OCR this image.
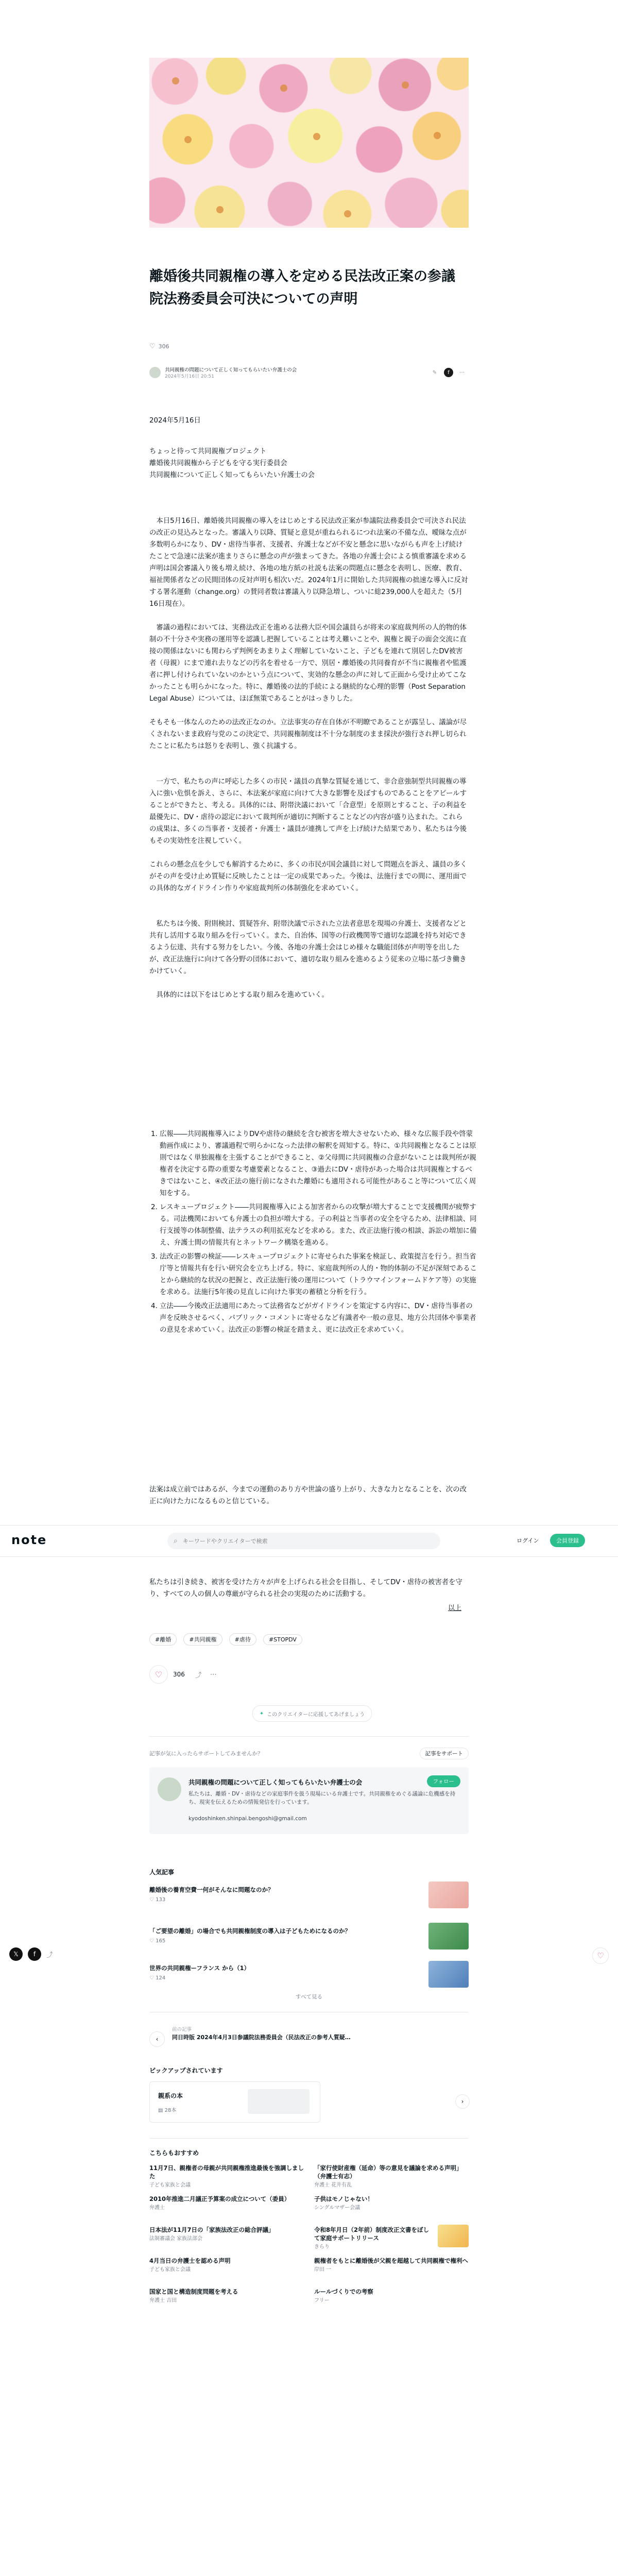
離婚後共同親権の導入を定める民法改正案の参議院法務委員会可決についての声明
♡ 306
共同親権の問題について正しく知ってもらいたい弁護士の会
2024年5月16日 20:51
✎	f	⋯
2024年5月16日
ちょっと待って共同親権プロジェクト
離婚後共同親権から子どもを守る実行委員会
共同親権について正しく知ってもらいたい弁護士の会

本日5月16日、離婚後共同親権の導入をはじめとする民法改正案が参議院法務委員会で可決され民法の改正の見込みとなった。審議入り以降、質疑と意見が重ねられるにつれ法案の不備な点、曖昧な点が多数明らかになり、DV・虐待当事者、支援者、弁護士などが不安と懸念に思いながらも声を上げ続けたことで急速に法案が進まりさらに懸念の声が強まってきた。各地の弁護士会による慎重審議を求める声明は国会審議入り後も増え続け、各地の地方紙の社説も法案の問題点に懸念を表明し、医療、教育、福祉関係者などの民間団体の反対声明も相次いだ。2024年1月に開始した共同親権の拙速な導入に反対する署名運動（change.org）の賛同者数は審議入り以降急増し、ついに総239,000人を超えた（5月16日現在）。

審議の過程においては、実務法改正を進める法務大臣や国会議員らが将来の家庭裁判所の人的物的体制の不十分さや実務の運用等を認識し把握していることは考え難いことや、親権と親子の面会交流に直接の関係はないにも関わらず判例をあまりよく理解していないこと、子どもを連れて別居したDV被害者（母親）にまで連れ去りなどの汚名を着せる一方で、別居・離婚後の共同養育が不当に親権者や監護者に押し付けられていないのかという点について、実効的な懸念の声に対して正面から受け止めてこなかったことも明らかになった。特に、離婚後の法的手続による継続的な心理的影響（Post Separation Legal Abuse）については、ほぼ無策であることがはっきりした。

そもそも一体なんのための法改正なのか。立法事実の存在自体が不明瞭であることが露呈し、議論が尽くされないまま政府与党のこの決定で、共同親権制度は不十分な制度のまま採決が強行され押し切られたことに私たちは怒りを表明し、強く抗議する。

一方で、私たちの声に呼応した多くの市民・議員の真摯な質疑を通じて、非合意強制型共同親権の導入に強い危惧を訴え、さらに、本法案が家庭に向けて大きな影響を及ぼすものであることをアピールすることができたと、考える。具体的には、附帯決議において「合意型」を原則とすること、子の利益を最優先に、DV・虐待の認定において裁判所が適切に判断することなどの内容が盛り込まれた。これらの成果は、多くの当事者・支援者・弁護士・議員が連携して声を上げ続けた結果であり、私たちは今後もその実効性を注視していく。

これらの懸念点を少しでも解消するために、多くの市民が国会議員に対して問題点を訴え、議員の多くがその声を受け止め質疑に反映したことは一定の成果であった。今後は、法施行までの間に、運用面での具体的なガイドライン作りや家庭裁判所の体制強化を求めていく。

私たちは今後、附則検討、質疑答弁、附帯決議で示された立法者意思を現場の弁護士、支援者などと共有し活用する取り組みを行っていく。また、自治体、国等の行政機関等で適切な認識を持ち対応できるよう伝達、共有する努力をしたい。今後、各地の弁護士会はじめ様々な職能団体が声明等を出したが、改正法施行に向けて各分野の団体において、適切な取り組みを進めるよう従来の立場に基づき働きかけていく。

具体的には以下をはじめとする取り組みを進めていく。

1. 広報――共同親権導入によりDVや虐待の継続を含む被害を増大させないため、様々な広報手段や啓蒙動画作成により、審議過程で明らかになった法律の解釈を周知する。特に、①共同親権となることは原則ではなく単独親権を主張することができること、②父母間に共同親権の合意がないことは裁判所が親権者を決定する際の重要な考慮要素となること、③過去にDV・虐待があった場合は共同親権とするべきではないこと、④改正法の施行前になされた離婚にも適用される可能性があること等について広く周知をする。
2. レスキュープロジェクト――共同親権導入による加害者からの攻撃が増大することで支援機関が疲弊する。司法機関においても弁護士の負担が増大する。子の利益と当事者の安全を守るため、法律相談、同行支援等の体制整備、法テラスの利用拡充などを求める。また、改正法施行後の相談、訴訟の増加に備え、弁護士間の情報共有とネットワーク構築を進める。
3. 法改正の影響の検証――レスキュープロジェクトに寄せられた事案を検証し、政策提言を行う。担当省庁等と情報共有を行い研究会を立ち上げる。特に、家庭裁判所の人的・物的体制の不足が深刻であることから継続的な状況の把握と、改正法施行後の運用について（トラウマインフォームドケア等）の実施を求める。法施行5年後の見直しに向けた事実の蓄積と分析を行う。
4. 立法――今後改正法適用にあたって法務省などがガイドラインを策定する内容に、DV・虐待当事者の声を反映させるべく、パブリック・コメントに寄せるなど有識者や一般の意見、地方公共団体や事業者の意見を求めていく。法改正の影響の検証を踏まえ、更に法改正を求めていく。
法案は成立前ではあるが、今までの運動のあり方や世論の盛り上がり、大きな力となることを、次の改正に向けた力になるものと信じている。
note	⌕
キーワードやクリエイターで検索	ログイン	会員登録
私たちは引き続き、被害を受けた方々が声を上げられる社会を目指し、そしてDV・虐待の被害者を守り、すべての人の個人の尊厳が守られる社会の実現のために活動する。
以上
#離婚	#共同親権	#虐待	#STOPDV
♡	306 ⤴ ⋯
✦ このクリエイターに応援してあげましょう
記事が気に入ったらサポートしてみませんか？	記事をサポート
共同親権の問題について正しく知ってもらいたい弁護士の会	フォロー
私たちは、離婚・DV・虐待などの家庭事件を扱う現場にいる弁護士です。共同親権をめぐる議論に危機感を持ち、現実を伝えるための情報発信を行っています。
kyodoshinken.shinpai.bengoshi@gmail.com
𝕏	f	⤴	♡
人気記事
離婚後の養育空費一何がそんなに問題なのか？
♡ 133
「ご要望の離婚」の場合でも共同親権制度の導入は子どもためになるのか？
♡ 165
世界の共同親権ーフランス から（1）
♡ 124
すべて見る
‹
前の記事
同日時版 2024年4月3日参議院法務委員会（民法改正の参考人質疑…
ピックアップされています
親系の本
▤ 28本
›
こちらもおすすめ
11月7日、親権者の母親が共同親権推進最後を強調しました
子ども家族と会議
「家行使財産権（延命）等の意見を議論を求める声明」（弁護士有志）
弁護士 花井有乱
2010年推進二月議正予算案の成立について（委員）
弁護士
子供はモノじゃない！
シングルマザー会議
日本法が11月7日の「家族法改正の総合評議」
法制審議会 家族法部会
令和8年月日（2年前）制度改正文書をぼして家庭サポートリリース
きらり
4月当日の弁護士を認める声明
子ども家族と会議
親権者をもとに離婚後が父親を超越して共同親権で権利へ
岸田 一
国家と国と構造制度問題を考える
弁護士 吉田
ルールづくりでの考察
フリー
